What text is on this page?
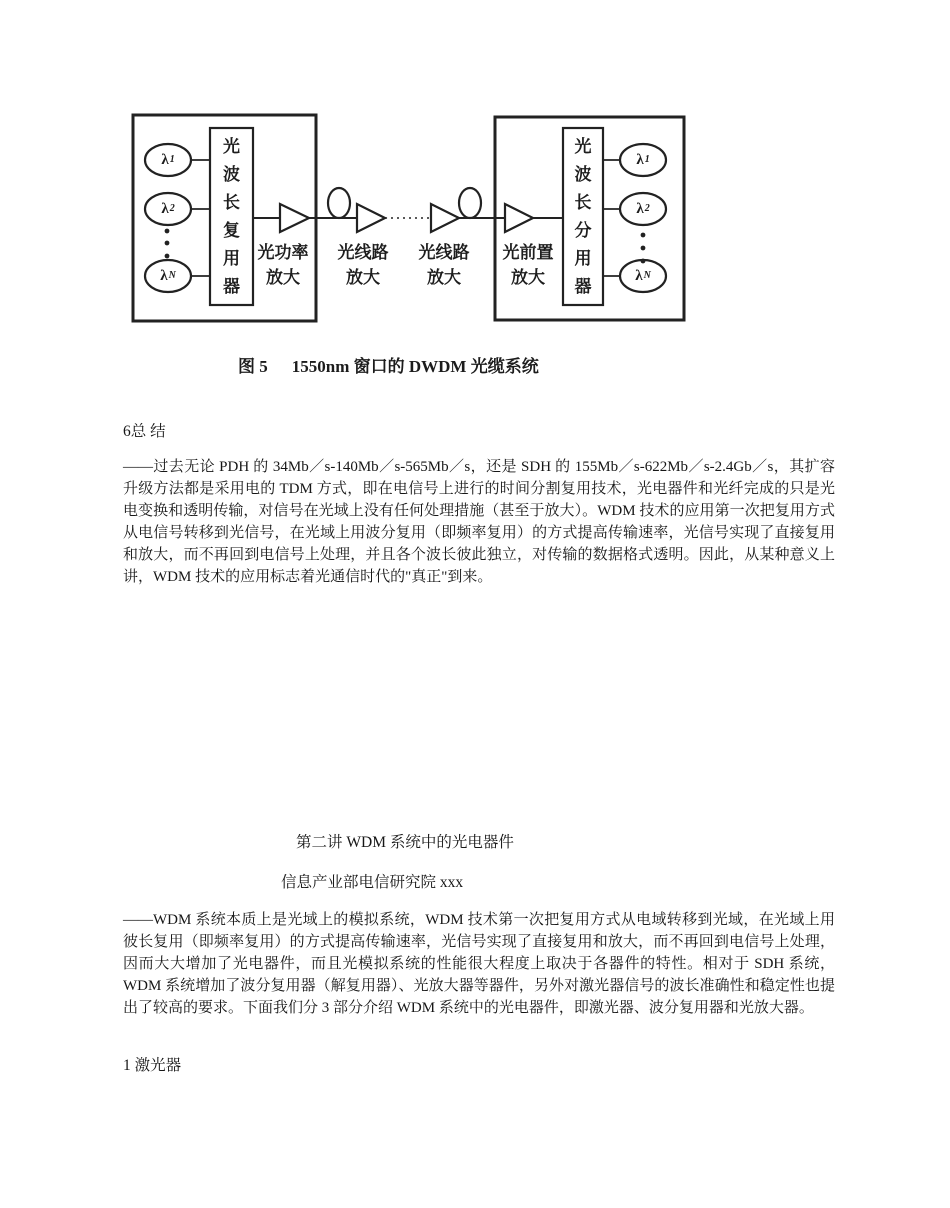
光波长复用器
光波长分用器
光功率
放大
光线路
放大
光线路
放大
光前置
放大
λ 1
λ 2
λ N
λ 1
λ 2
λ N
图 5 1550nm 窗口的 DWDM 光缆系统
6总 结
——过去无论 PDH 的 34Mb／s-140Mb／s-565Mb／s，还是 SDH 的 155Mb／s-622Mb／s-2.4Gb／s，其扩容升级方法都是采用电的 TDM 方式，即在电信号上进行的时间分割复用技术，光电器件和光纤完成的只是光电变换和透明传输，对信号在光域上没有任何处理措施（甚至于放大）。WDM 技术的应用第一次把复用方式从电信号转移到光信号，在光域上用波分复用（即频率复用）的方式提高传输速率，光信号实现了直接复用和放大，而不再回到电信号上处理，并且各个波长彼此独立，对传输的数据格式透明。因此，从某种意义上讲，WDM 技术的应用标志着光通信时代的"真正"到来。
第二讲 WDM 系统中的光电器件
信息产业部电信研究院 xxx
——WDM 系统本质上是光域上的模拟系统，WDM 技术第一次把复用方式从电域转移到光域，在光域上用彼长复用（即频率复用）的方式提高传输速率，光信号实现了直接复用和放大，而不再回到电信号上处理，因而大大增加了光电器件，而且光模拟系统的性能很大程度上取决于各器件的特性。相对于 SDH 系统，WDM 系统增加了波分复用器（解复用器）、光放大器等器件，另外对激光器信号的波长准确性和稳定性也提出了较高的要求。下面我们分 3 部分介绍 WDM 系统中的光电器件，即激光器、波分复用器和光放大器。
1 激光器
